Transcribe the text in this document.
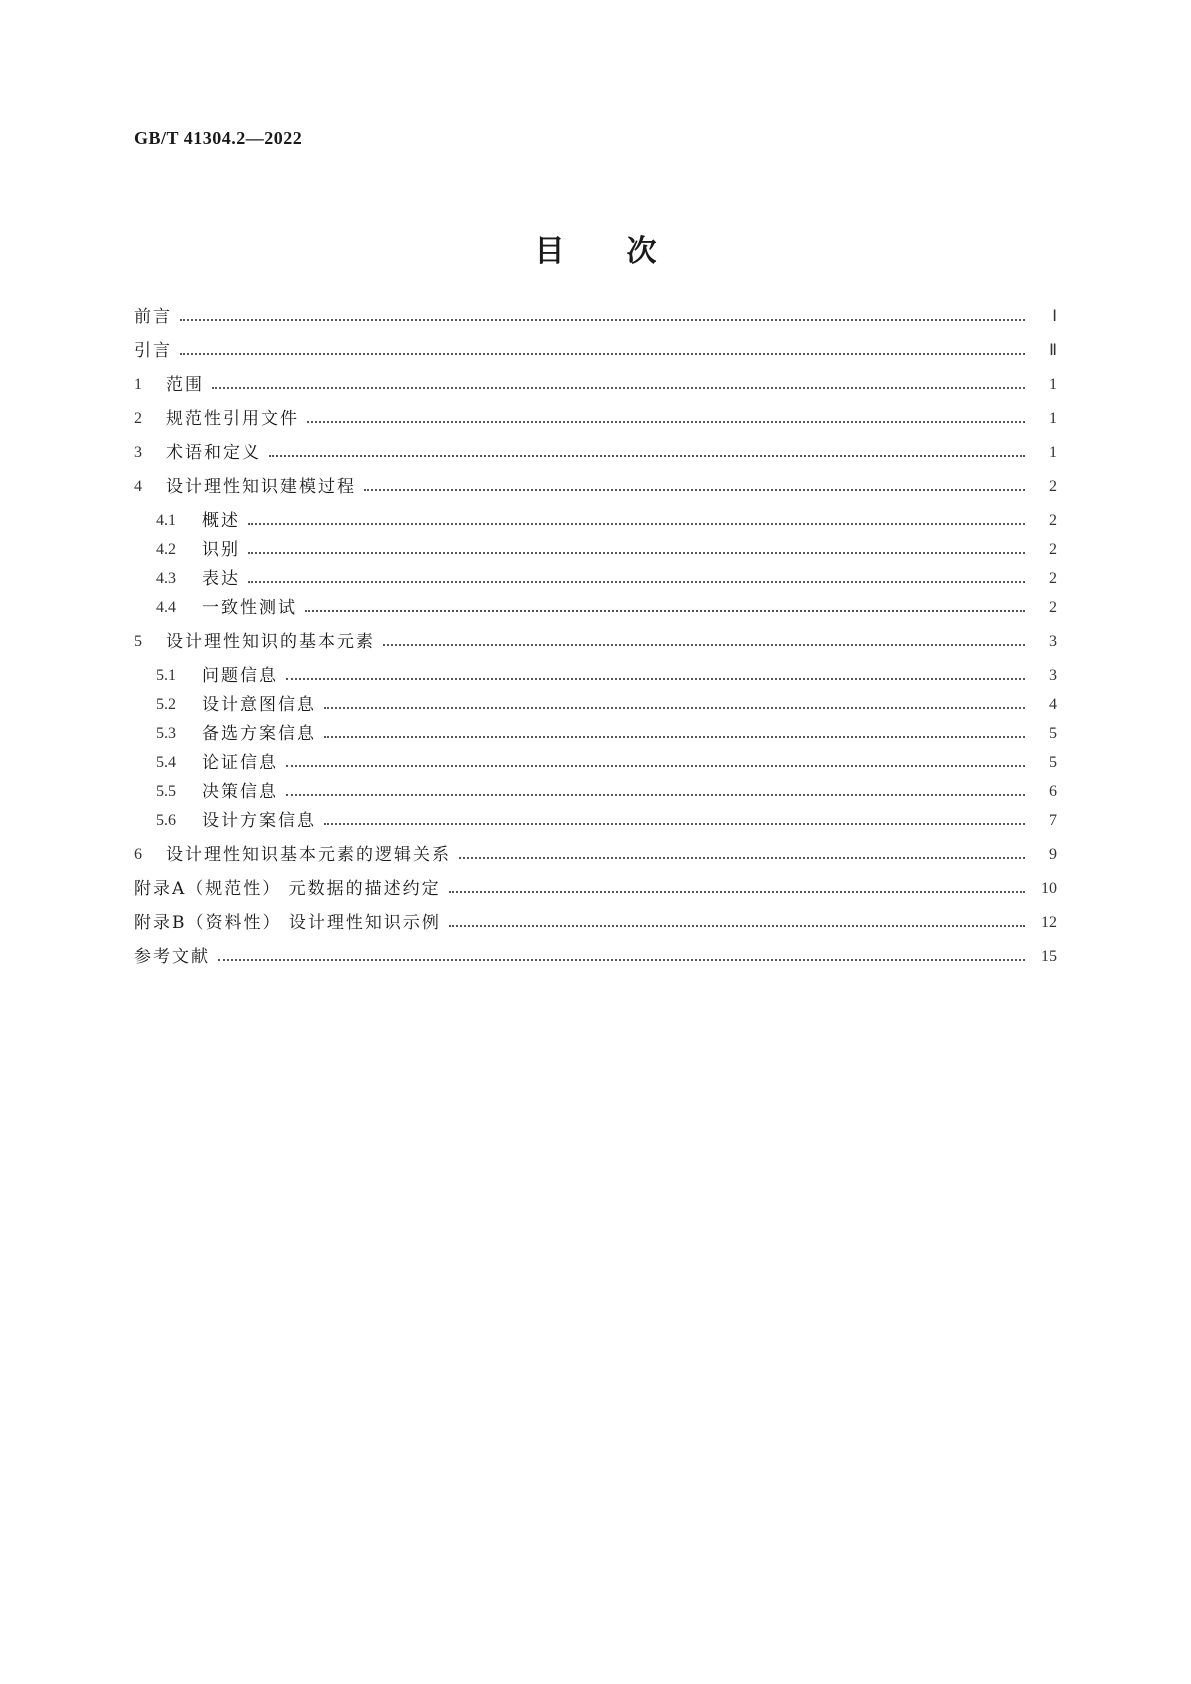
GB/T 41304.2—2022
目次
前言	Ⅰ
引言	Ⅱ
1	范围	1
2	规范性引用文件	1
3	术语和定义	1
4	设计理性知识建模过程	2
4.1	概述	2
4.2	识别	2
4.3	表达	2
4.4	一致性测试	2
5	设计理性知识的基本元素	3
5.1	问题信息	3
5.2	设计意图信息	4
5.3	备选方案信息	5
5.4	论证信息	5
5.5	决策信息	6
5.6	设计方案信息	7
6	设计理性知识基本元素的逻辑关系	9
附录A（规范性） 元数据的描述约定	10
附录B（资料性） 设计理性知识示例	12
参考文献	15
